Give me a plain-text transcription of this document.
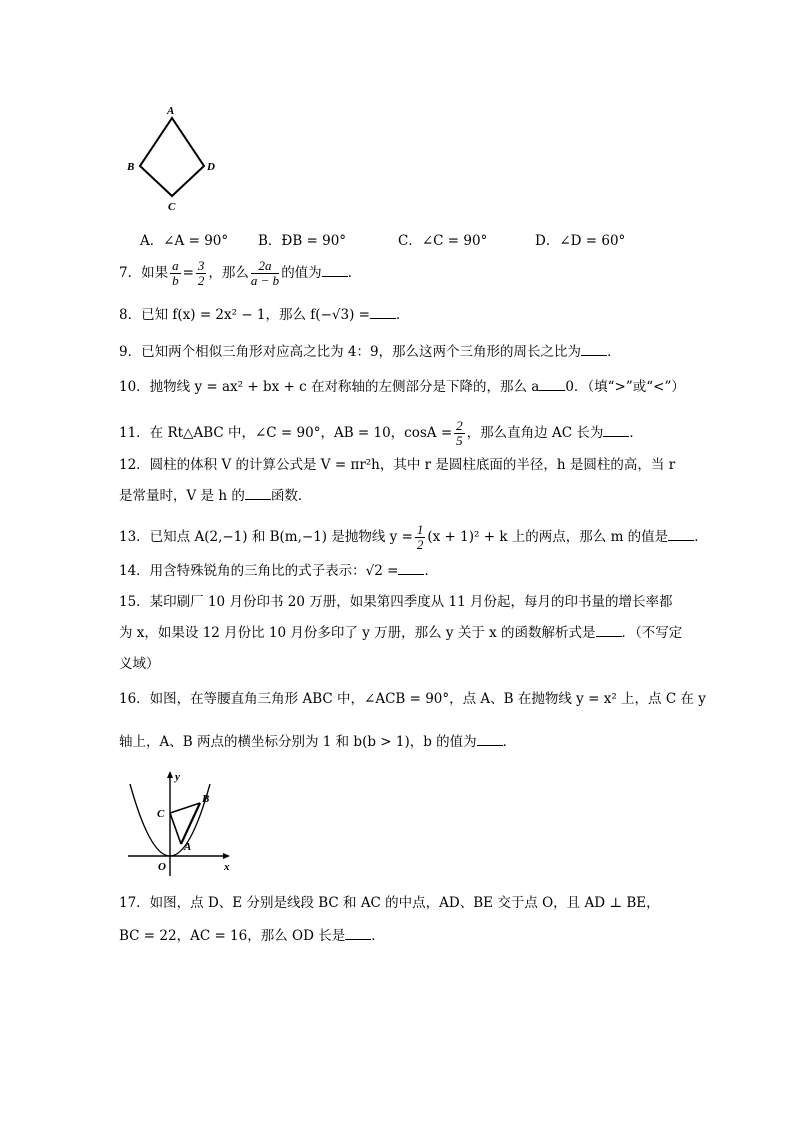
A
B
C
D
A．∠A = 90° B．ÐB = 90°	C．∠C = 90°	D．∠D = 60°
7．如果 $\frac{a}{b} = \frac{3}{2}$ ，那么 $\frac{2a}{a - b}$ 的值为 ．
8．已知 f(x) = 2x² − 1，那么 f(−√3) = ．
9．已知两个相似三角形对应高之比为 4：9，那么这两个三角形的周长之比为 ．
10．抛物线 y = ax² + bx + c 在对称轴的左侧部分是下降的，那么 a 0．（填“>”或“<”）
11．在 Rt△ABC 中，∠C = 90°，AB = 10，$\cos A = \frac{2}{5}$ ，那么直角边 AC 长为 ．
12．圆柱的体积 V 的计算公式是 V = πr²h，其中 r 是圆柱底面的半径，h 是圆柱的高，当 r
是常量时，V 是 h 的 函数．
13．已知点 A(2,−1) 和 B(m,−1) 是抛物线 $y = \frac{1}{2} (x + 1)^2 + k$ 上的两点，那么 m 的值是 ．
14．用含特殊锐角的三角比的式子表示：√2 = ．
15．某印刷厂 10 月份印书 20 万册，如果第四季度从 11 月份起，每月的印书量的增长率都
为 x，如果设 12 月份比 10 月份多印了 y 万册，那么 y 关于 x 的函数解析式是 ．（不写定
义域）
16．如图，在等腰直角三角形 ABC 中，∠ACB = 90°，点 A、B 在抛物线 y = x² 上，点 C 在 y
轴上，A、B 两点的横坐标分别为 1 和 b(b > 1)，b 的值为 ．
y
x
O
A
B
C
17．如图，点 D、E 分别是线段 BC 和 AC 的中点，AD、BE 交于点 O，且 AD ⊥ BE，
BC = 22，AC = 16，那么 OD 长是 ．
